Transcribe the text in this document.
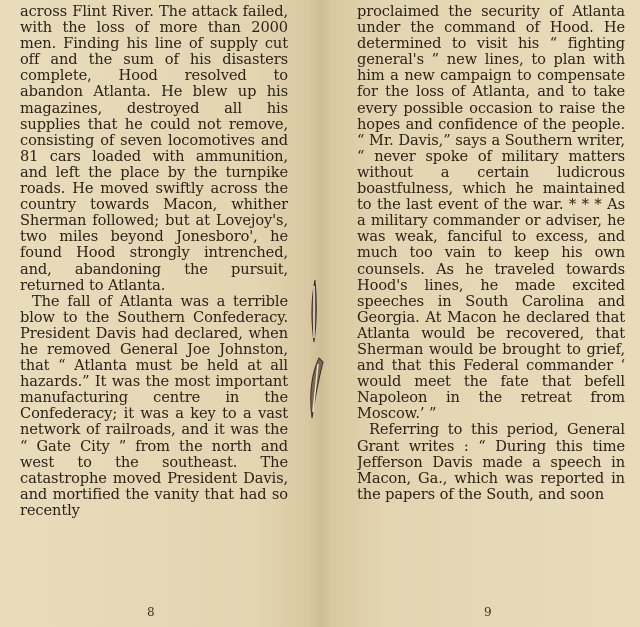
across Flint River. The attack failed, with the loss of more than 2000 men. Finding his line of supply cut off and the sum of his disasters complete, Hood resolved to abandon Atlanta. He blew up his magazines, destroyed all his supplies that he could not remove, consisting of seven locomotives and 81 cars loaded with ammunition, and left the place by the turnpike roads. He moved swiftly across the country towards Macon, whither Sherman followed; but at Lovejoy's, two miles beyond Jonesboro', he found Hood strongly intrenched, and, abandoning the pursuit, returned to Atlanta.

The fall of Atlanta was a terrible blow to the Southern Confederacy. President Davis had declared, when he removed General Joe Johnston, that “ Atlanta must be held at all hazards.” It was the most important manufacturing centre in the Confederacy; it was a key to a vast network of railroads, and it was the “ Gate City ” from the north and west to the southeast. The catastrophe moved President Davis, and mortified the vanity that had so recently

proclaimed the security of Atlanta under the command of Hood. He determined to visit his “ fighting general's ” new lines, to plan with him a new campaign to compensate for the loss of Atlanta, and to take every possible occasion to raise the hopes and confidence of the people. “ Mr. Davis,” says a Southern writer, “ never spoke of military matters without a certain ludicrous boastfulness, which he maintained to the last event of the war. * * * As a military commander or adviser, he was weak, fanciful to excess, and much too vain to keep his own counsels. As he traveled towards Hood's lines, he made excited speeches in South Carolina and Georgia. At Macon he declared that Atlanta would be recovered, that Sherman would be brought to grief, and that this Federal commander ‘ would meet the fate that befell Napoleon in the retreat from Moscow.’ ”

Referring to this period, General Grant writes : “ During this time Jefferson Davis made a speech in Macon, Ga., which was reported in the papers of the South, and soon

8	9
